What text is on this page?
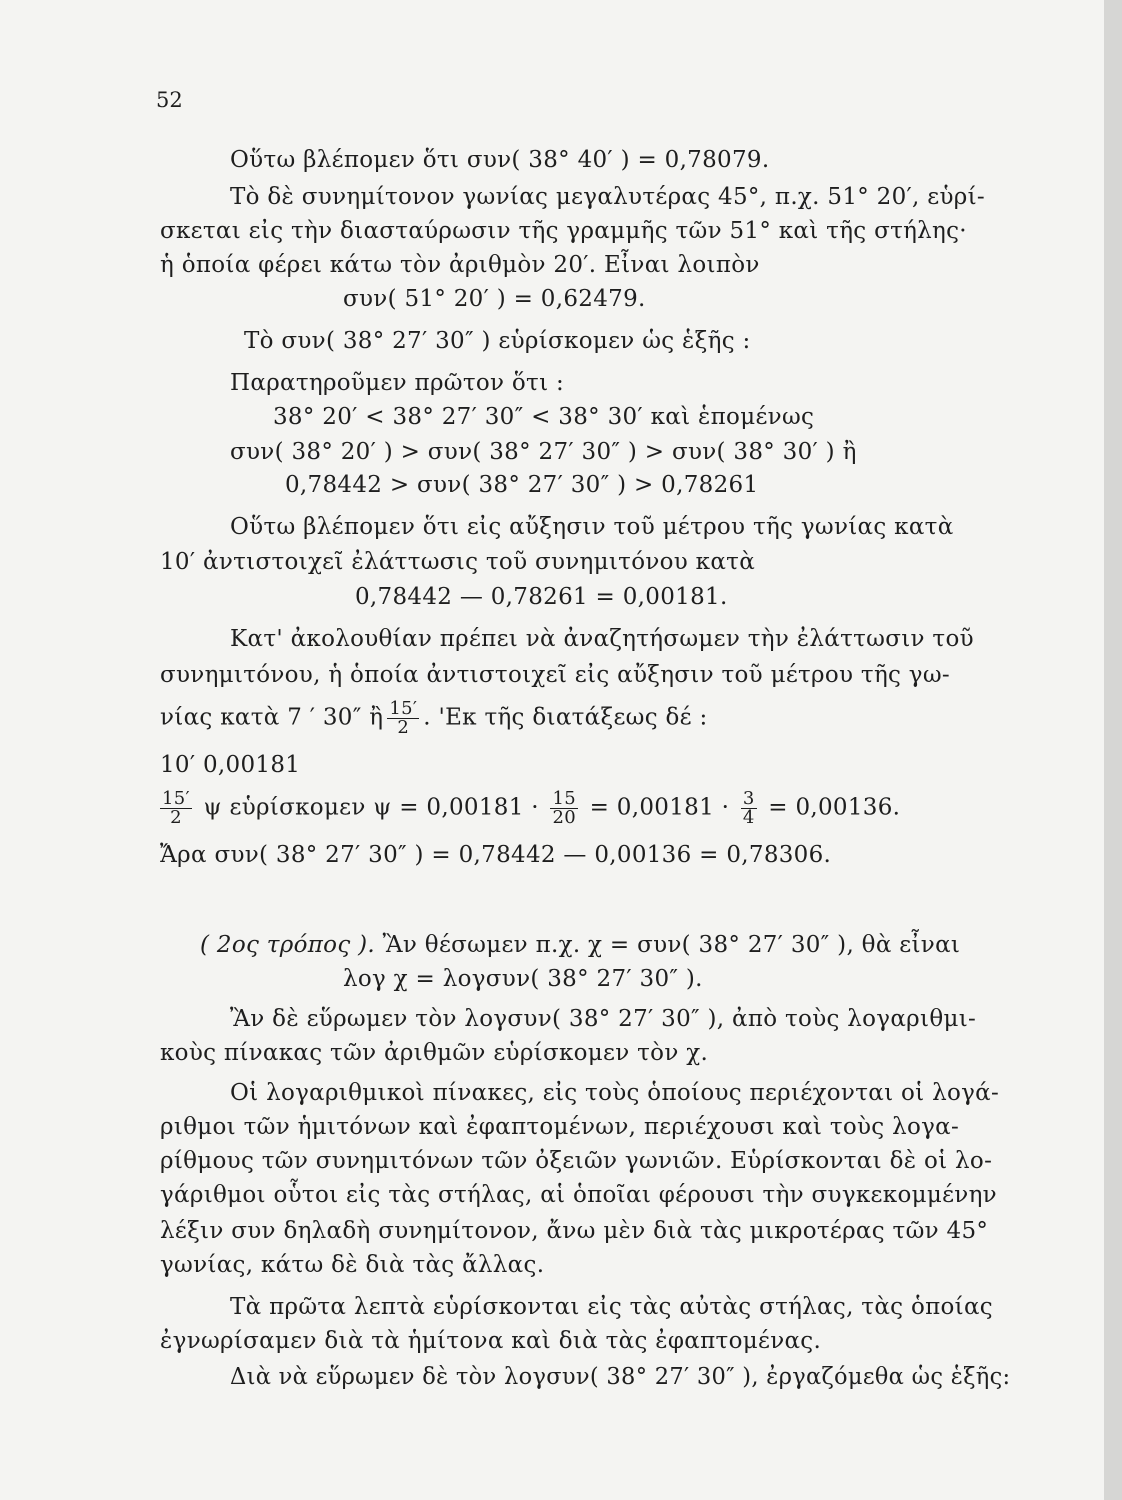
52

Οὕτω βλέπομεν ὅτι συν( 38° 40′ ) = 0,78079.

Τὸ δὲ συνημίτονον γωνίας μεγαλυτέρας 45°, π.χ. 51° 20′, εὑρί-

σκεται εἰς τὴν διασταύρωσιν τῆς γραμμῆς τῶν 51° καὶ τῆς στήλης·

ἡ ὁποία φέρει κάτω τὸν ἀριθμὸν 20′. Εἶναι λοιπὸν

συν( 51° 20′ ) = 0,62479.

Τὸ συν( 38° 27′ 30″ ) εὑρίσκομεν ὡς ἑξῆς :

Παρατηροῦμεν πρῶτον ὅτι :

38° 20′ < 38° 27′ 30″ < 38° 30′ καὶ ἑπομένως

συν( 38° 20′ ) > συν( 38° 27′ 30″ ) > συν( 38° 30′ ) ἢ

0,78442 > συν( 38° 27′ 30″ ) > 0,78261

Οὕτω βλέπομεν ὅτι εἰς αὔξησιν τοῦ μέτρου τῆς γωνίας κατὰ

10′ ἀντιστοιχεῖ ἐλάττωσις τοῦ συνημιτόνου κατὰ

0,78442 — 0,78261 = 0,00181.

Κατ' ἀκολουθίαν πρέπει νὰ ἀναζητήσωμεν τὴν ἐλάττωσιν τοῦ

συνημιτόνου, ἡ ὁποία ἀντιστοιχεῖ εἰς αὔξησιν τοῦ μέτρου τῆς γω-

νίας κατὰ 7 ′ 30″ ἢ $\frac{15'}{2}$ . 'Εκ τῆς διατάξεως δέ :

10′ 0,00181

$\frac{15'}{2}$ ψ εὑρίσκομεν $\psi = 0,00181 \cdot \frac{15}{20} = 0,00181 \cdot \frac{3}{4} = 0,00136$.

Ἄρα συν( 38° 27′ 30″ ) = 0,78442 — 0,00136 = 0,78306.

( 2ος τρόπος ). Ἂν θέσωμεν π.χ. χ = συν( 38° 27′ 30″ ), θὰ εἶναι

λογ χ = λογσυν( 38° 27′ 30″ ).

Ἂν δὲ εὕρωμεν τὸν λογσυν( 38° 27′ 30″ ), ἀπὸ τοὺς λογαριθμι-

κοὺς πίνακας τῶν ἀριθμῶν εὑρίσκομεν τὸν χ.

Οἱ λογαριθμικοὶ πίνακες, εἰς τοὺς ὁποίους περιέχονται οἱ λογά-

ριθμοι τῶν ἡμιτόνων καὶ ἐφαπτομένων, περιέχουσι καὶ τοὺς λογα-

ρίθμους τῶν συνημιτόνων τῶν ὀξειῶν γωνιῶν. Εὑρίσκονται δὲ οἱ λο-

γάριθμοι οὗτοι εἰς τὰς στήλας, αἱ ὁποῖαι φέρουσι τὴν συγκεκομμένην

λέξιν συν δηλαδὴ συνημίτονον, ἄνω μὲν διὰ τὰς μικροτέρας τῶν 45°

γωνίας, κάτω δὲ διὰ τὰς ἄλλας.

Τὰ πρῶτα λεπτὰ εὑρίσκονται εἰς τὰς αὐτὰς στήλας, τὰς ὁποίας

ἐγνωρίσαμεν διὰ τὰ ἡμίτονα καὶ διὰ τὰς ἐφαπτομένας.

Διὰ νὰ εὕρωμεν δὲ τὸν λογσυν( 38° 27′ 30″ ), ἐργαζόμεθα ὡς ἑξῆς:
